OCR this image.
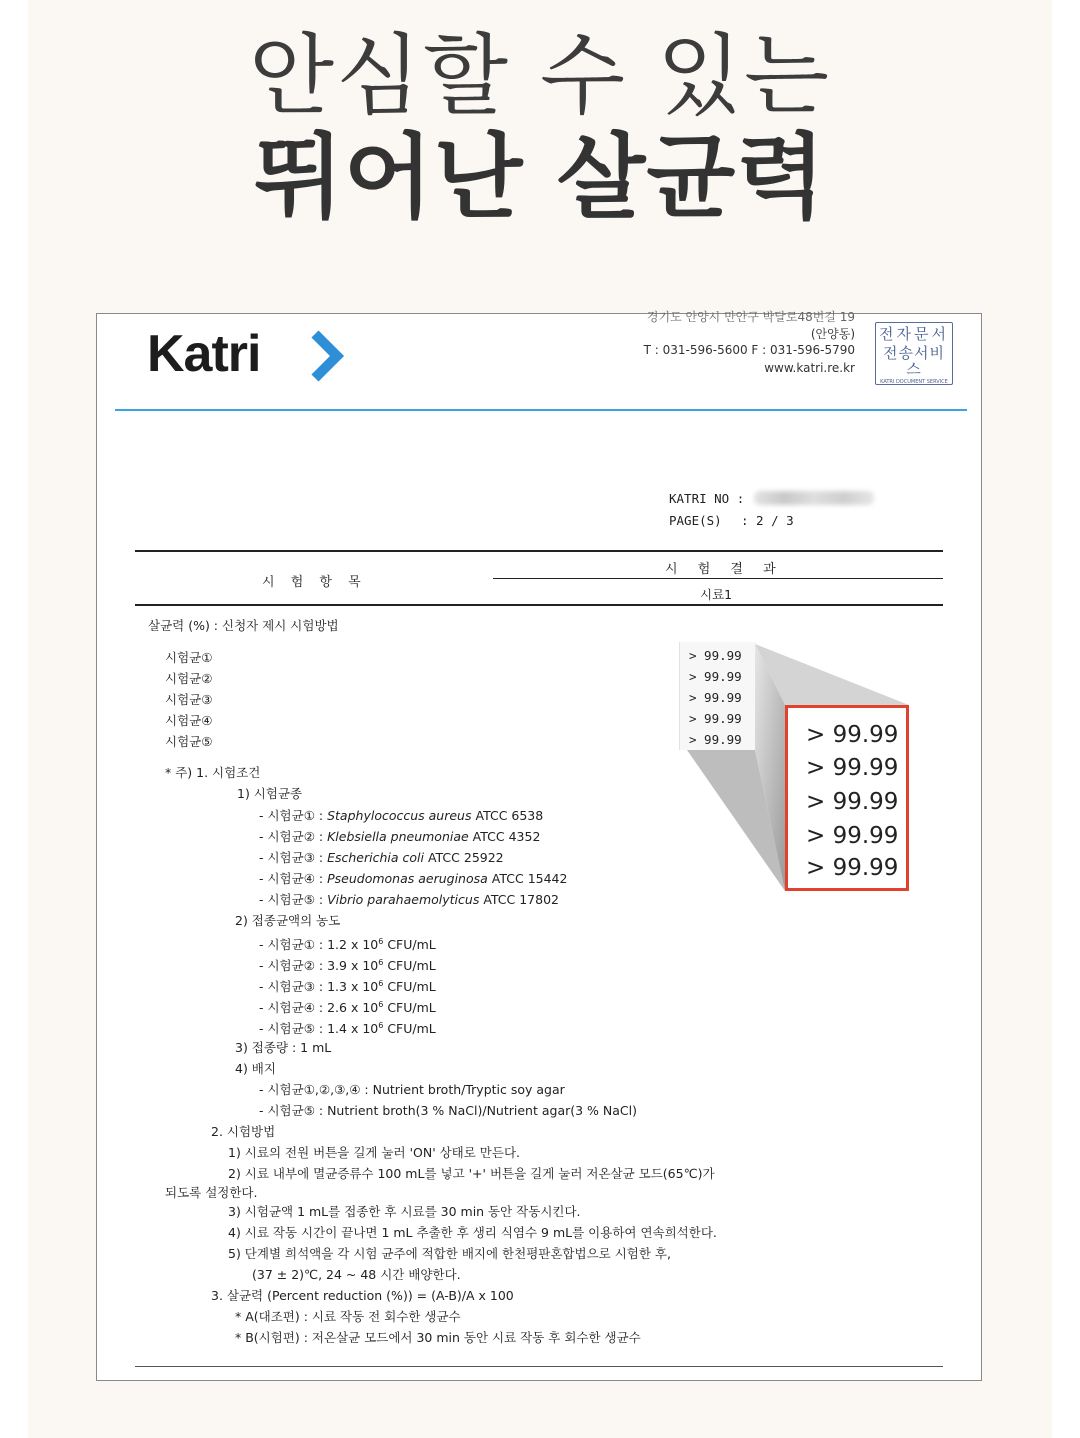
안심할 수 있는
뛰어난 살균력
Katri
경기도 안양시 만안구 박달로48번길 19
(안양동)
T : 031-596-5600 F : 031-596-5790
www.katri.re.kr
전자문서
전송서비스
KATRI DOCUMENT SERVICE
KATRI NO :
PAGE(S) : 2 / 3
시 험 항 목
시 험 결 과
시료1
살균력 (%) : 신청자 제시 시험방법
시험균①
시험균②
시험균③
시험균④
시험균⑤
> 99.99
> 99.99
> 99.99
> 99.99
> 99.99	> 99.99
> 99.99
> 99.99
> 99.99
> 99.99
* 주) 1. 시험조건
1) 시험균종
- 시험균① : Staphylococcus aureus ATCC 6538
- 시험균② : Klebsiella pneumoniae ATCC 4352
- 시험균③ : Escherichia coli ATCC 25922
- 시험균④ : Pseudomonas aeruginosa ATCC 15442
- 시험균⑤ : Vibrio parahaemolyticus ATCC 17802
2) 접종균액의 농도
- 시험균① : 1.2 x $10^6$ CFU/mL
- 시험균② : 3.9 x $10^6$ CFU/mL
- 시험균③ : 1.3 x $10^6$ CFU/mL
- 시험균④ : 2.6 x $10^6$ CFU/mL
- 시험균⑤ : 1.4 x $10^6$ CFU/mL
3) 접종량 : 1 mL
4) 배지
- 시험균①,②,③,④ : Nutrient broth/Tryptic soy agar
- 시험균⑤ : Nutrient broth(3 % NaCl)/Nutrient agar(3 % NaCl)
2. 시험방법
1) 시료의 전원 버튼을 길게 눌러 'ON' 상태로 만든다.
2) 시료 내부에 멸균증류수 100 mL를 넣고 '+' 버튼을 길게 눌러 저온살균 모드(65℃)가
되도록 설정한다.
3) 시험균액 1 mL를 접종한 후 시료를 30 min 동안 작동시킨다.
4) 시료 작동 시간이 끝나면 1 mL 추출한 후 생리 식염수 9 mL를 이용하여 연속희석한다.
5) 단계별 희석액을 각 시험 균주에 적합한 배지에 한천평판혼합법으로 시험한 후,
(37 ± 2)℃, 24 ~ 48 시간 배양한다.
3. 살균력 (Percent reduction (%)) = (A-B)/A x 100
* A(대조편) : 시료 작동 전 회수한 생균수
* B(시험편) : 저온살균 모드에서 30 min 동안 시료 작동 후 회수한 생균수
